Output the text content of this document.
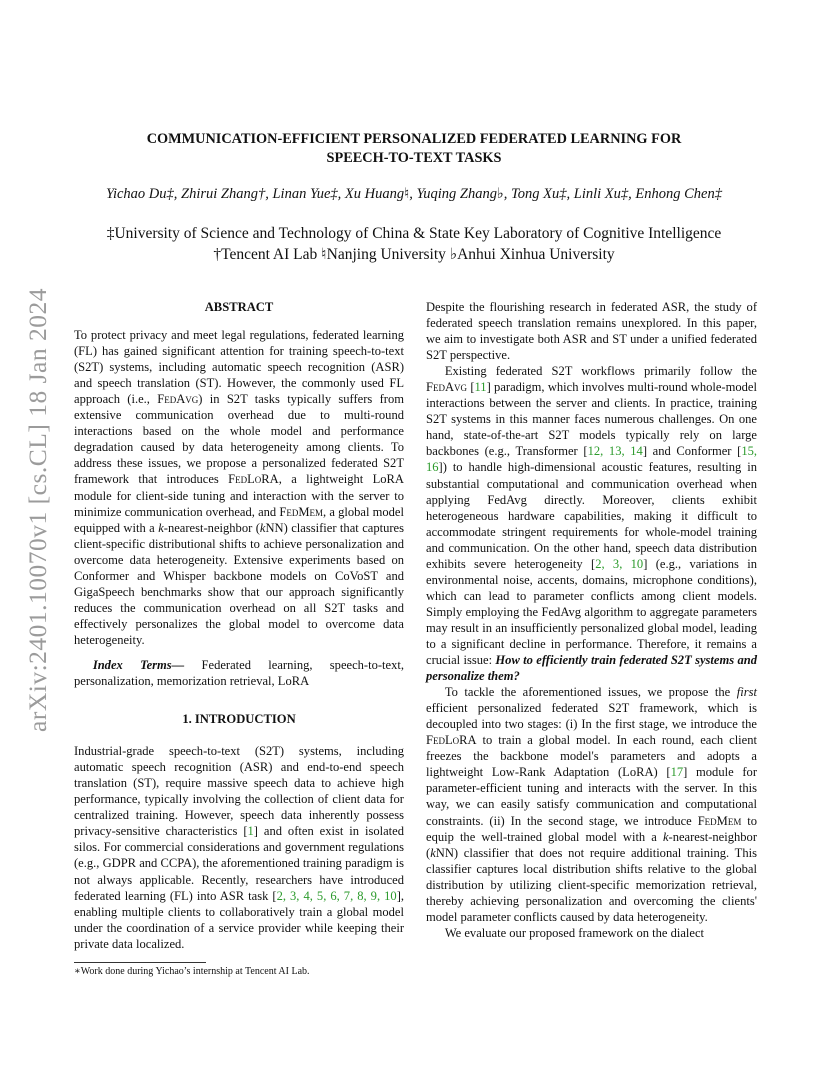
arXiv:2401.10070v1 [cs.CL] 18 Jan 2024
COMMUNICATION-EFFICIENT PERSONALIZED FEDERATED LEARNING FOR
SPEECH-TO-TEXT TASKS
Yichao Du‡, Zhirui Zhang†, Linan Yue‡, Xu Huang♮, Yuqing Zhang♭, Tong Xu‡, Linli Xu‡, Enhong Chen‡
‡University of Science and Technology of China & State Key Laboratory of Cognitive Intelligence
†Tencent AI Lab ♮Nanjing University ♭Anhui Xinhua University
ABSTRACT

To protect privacy and meet legal regulations, federated learning (FL) has gained significant attention for training speech-to-text (S2T) systems, including automatic speech recognition (ASR) and speech translation (ST). However, the commonly used FL approach (i.e., FedAvg) in S2T tasks typically suffers from extensive communication overhead due to multi-round interactions based on the whole model and performance degradation caused by data heterogeneity among clients. To address these issues, we propose a personalized federated S2T framework that introduces FedLoRA, a lightweight LoRA module for client-side tuning and interaction with the server to minimize communication overhead, and FedMem, a global model equipped with a k-nearest-neighbor (kNN) classifier that captures client-specific distributional shifts to achieve personalization and overcome data heterogeneity. Extensive experiments based on Conformer and Whisper backbone models on CoVoST and GigaSpeech benchmarks show that our approach significantly reduces the communication overhead on all S2T tasks and effectively personalizes the global model to overcome data heterogeneity.

Index Terms— Federated learning, speech-to-text, personalization, memorization retrieval, LoRA

1. INTRODUCTION

Industrial-grade speech-to-text (S2T) systems, including automatic speech recognition (ASR) and end-to-end speech translation (ST), require massive speech data to achieve high performance, typically involving the collection of client data for centralized training. However, speech data inherently possess privacy-sensitive characteristics [1] and often exist in isolated silos. For commercial considerations and government regulations (e.g., GDPR and CCPA), the aforementioned training paradigm is not always applicable. Recently, researchers have introduced federated learning (FL) into ASR task [2, 3, 4, 5, 6, 7, 8, 9, 10], enabling multiple clients to collaboratively train a global model under the coordination of a service provider while keeping their private data localized.

Despite the flourishing research in federated ASR, the study of federated speech translation remains unexplored. In this paper, we aim to investigate both ASR and ST under a unified federated S2T perspective.

Existing federated S2T workflows primarily follow the FedAvg [11] paradigm, which involves multi-round whole-model interactions between the server and clients. In practice, training S2T systems in this manner faces numerous challenges. On one hand, state-of-the-art S2T models typically rely on large backbones (e.g., Transformer [12, 13, 14] and Conformer [15, 16]) to handle high-dimensional acoustic features, resulting in substantial computational and communication overhead when applying FedAvg directly. Moreover, clients exhibit heterogeneous hardware capabilities, making it difficult to accommodate stringent requirements for whole-model training and communication. On the other hand, speech data distribution exhibits severe heterogeneity [2, 3, 10] (e.g., variations in environmental noise, accents, domains, microphone conditions), which can lead to parameter conflicts among client models. Simply employing the FedAvg algorithm to aggregate parameters may result in an insufficiently personalized global model, leading to a significant decline in performance. Therefore, it remains a crucial issue: How to efficiently train federated S2T systems and personalize them?

To tackle the aforementioned issues, we propose the first efficient personalized federated S2T framework, which is decoupled into two stages: (i) In the first stage, we introduce the FedLoRA to train a global model. In each round, each client freezes the backbone model's parameters and adopts a lightweight Low-Rank Adaptation (LoRA) [17] module for parameter-efficient tuning and interacts with the server. In this way, we can easily satisfy communication and computational constraints. (ii) In the second stage, we introduce FedMem to equip the well-trained global model with a k-nearest-neighbor (kNN) classifier that does not require additional training. This classifier captures local distribution shifts relative to the global distribution by utilizing client-specific memorization retrieval, thereby achieving personalization and overcoming the clients' model parameter conflicts caused by data heterogeneity.

We evaluate our proposed framework on the dialect

∗Work done during Yichao’s internship at Tencent AI Lab.
